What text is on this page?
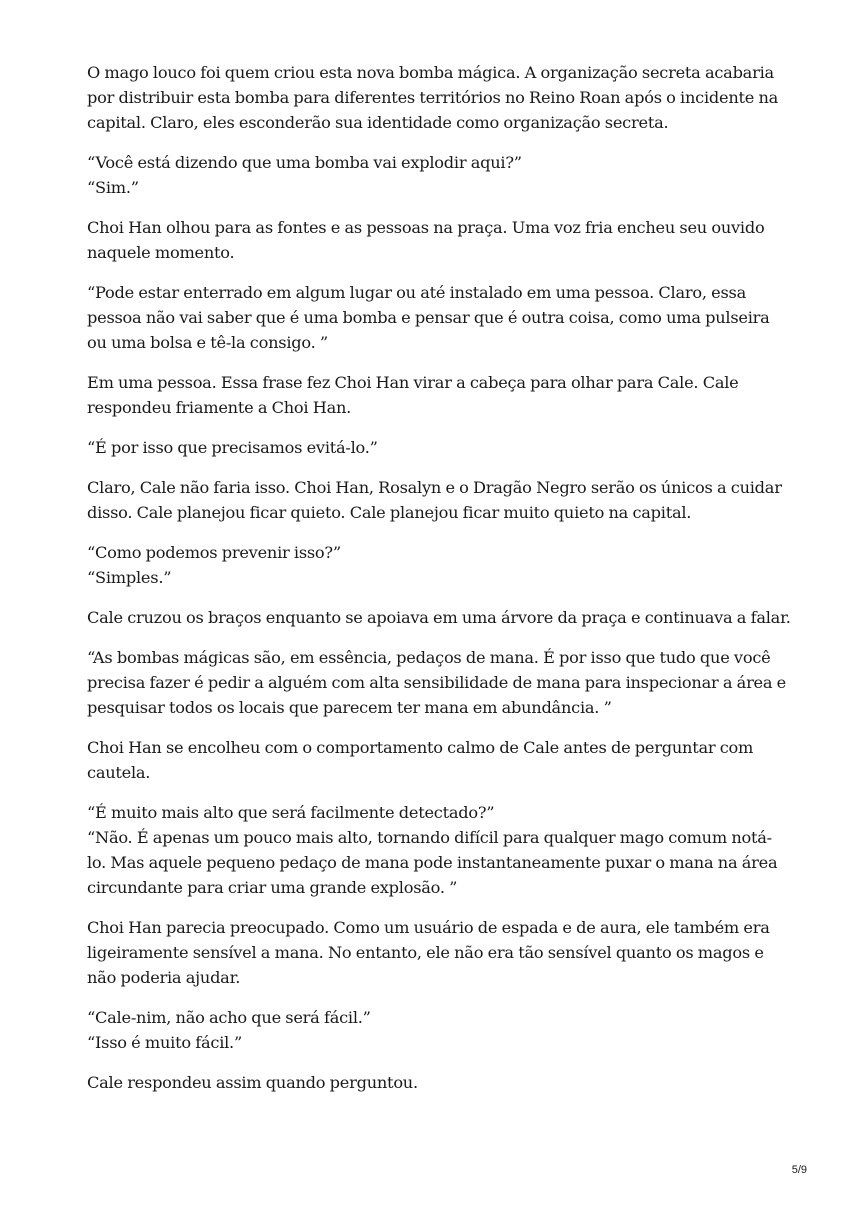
O mago louco foi quem criou esta nova bomba mágica. A organização secreta acabaria
por distribuir esta bomba para diferentes territórios no Reino Roan após o incidente na
capital. Claro, eles esconderão sua identidade como organização secreta.

“Você está dizendo que uma bomba vai explodir aqui?”
“Sim.”

Choi Han olhou para as fontes e as pessoas na praça. Uma voz fria encheu seu ouvido
naquele momento.

“Pode estar enterrado em algum lugar ou até instalado em uma pessoa. Claro, essa
pessoa não vai saber que é uma bomba e pensar que é outra coisa, como uma pulseira
ou uma bolsa e tê-la consigo. ”

Em uma pessoa. Essa frase fez Choi Han virar a cabeça para olhar para Cale. Cale
respondeu friamente a Choi Han.

“É por isso que precisamos evitá-lo.”

Claro, Cale não faria isso. Choi Han, Rosalyn e o Dragão Negro serão os únicos a cuidar
disso. Cale planejou ficar quieto. Cale planejou ficar muito quieto na capital.

“Como podemos prevenir isso?”
“Simples.”

Cale cruzou os braços enquanto se apoiava em uma árvore da praça e continuava a falar.

“As bombas mágicas são, em essência, pedaços de mana. É por isso que tudo que você
precisa fazer é pedir a alguém com alta sensibilidade de mana para inspecionar a área e
pesquisar todos os locais que parecem ter mana em abundância. ”

Choi Han se encolheu com o comportamento calmo de Cale antes de perguntar com
cautela.

“É muito mais alto que será facilmente detectado?”
“Não. É apenas um pouco mais alto, tornando difícil para qualquer mago comum notá-
lo. Mas aquele pequeno pedaço de mana pode instantaneamente puxar o mana na área
circundante para criar uma grande explosão. ”

Choi Han parecia preocupado. Como um usuário de espada e de aura, ele também era
ligeiramente sensível a mana. No entanto, ele não era tão sensível quanto os magos e
não poderia ajudar.

“Cale-nim, não acho que será fácil.”
“Isso é muito fácil.”

Cale respondeu assim quando perguntou.

5/9
